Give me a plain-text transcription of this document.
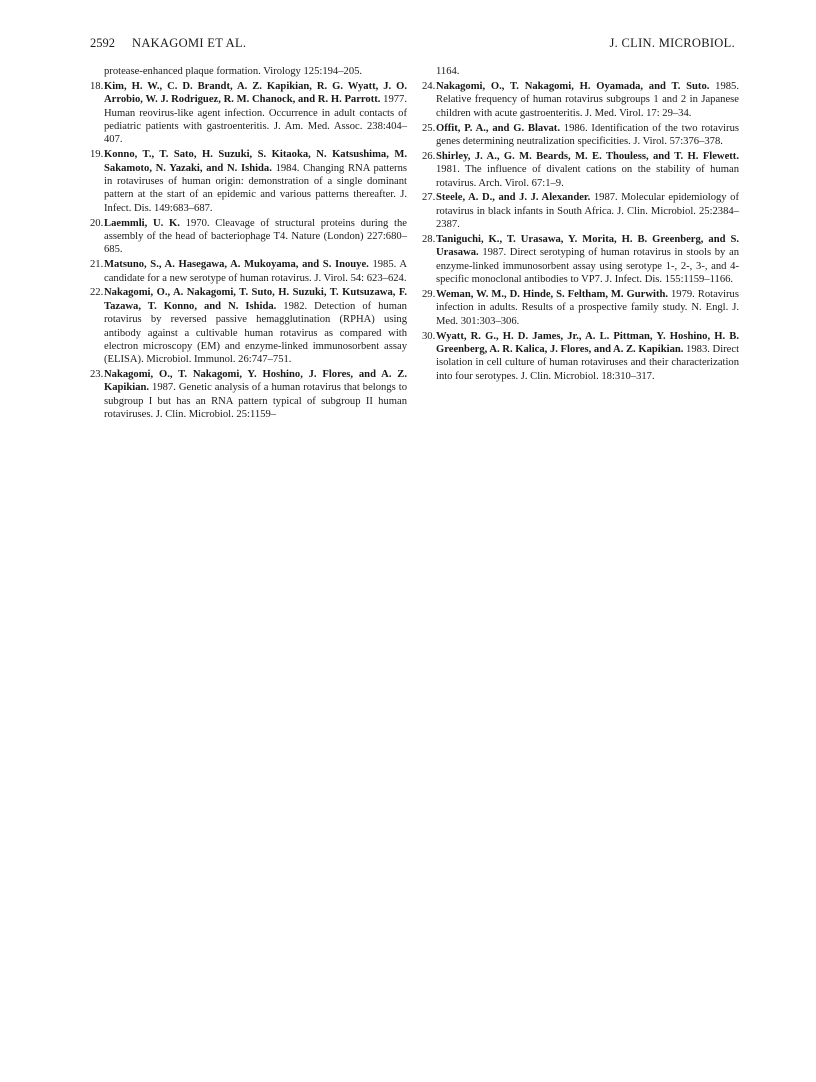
2592 NAKAGOMI ET AL.	J. CLIN. MICROBIOL.
protease-enhanced plaque formation. Virology 125:194–205.
18.Kim, H. W., C. D. Brandt, A. Z. Kapikian, R. G. Wyatt, J. O. Arrobio, W. J. Rodriguez, R. M. Chanock, and R. H. Parrott. 1977. Human reovirus-like agent infection. Occurrence in adult contacts of pediatric patients with gastroenteritis. J. Am. Med. Assoc. 238:404–407.
19.Konno, T., T. Sato, H. Suzuki, S. Kitaoka, N. Katsushima, M. Sakamoto, N. Yazaki, and N. Ishida. 1984. Changing RNA patterns in rotaviruses of human origin: demonstration of a single dominant pattern at the start of an epidemic and various patterns thereafter. J. Infect. Dis. 149:683–687.
20.Laemmli, U. K. 1970. Cleavage of structural proteins during the assembly of the head of bacteriophage T4. Nature (London) 227:680–685.
21.Matsuno, S., A. Hasegawa, A. Mukoyama, and S. Inouye. 1985. A candidate for a new serotype of human rotavirus. J. Virol. 54: 623–624.
22.Nakagomi, O., A. Nakagomi, T. Suto, H. Suzuki, T. Kutsuzawa, F. Tazawa, T. Konno, and N. Ishida. 1982. Detection of human rotavirus by reversed passive hemagglutination (RPHA) using antibody against a cultivable human rotavirus as compared with electron microscopy (EM) and enzyme-linked immunosorbent assay (ELISA). Microbiol. Immunol. 26:747–751.
23.Nakagomi, O., T. Nakagomi, Y. Hoshino, J. Flores, and A. Z. Kapikian. 1987. Genetic analysis of a human rotavirus that belongs to subgroup I but has an RNA pattern typical of subgroup II human rotaviruses. J. Clin. Microbiol. 25:1159–
1164.
24.Nakagomi, O., T. Nakagomi, H. Oyamada, and T. Suto. 1985. Relative frequency of human rotavirus subgroups 1 and 2 in Japanese children with acute gastroenteritis. J. Med. Virol. 17: 29–34.
25.Offit, P. A., and G. Blavat. 1986. Identification of the two rotavirus genes determining neutralization specificities. J. Virol. 57:376–378.
26.Shirley, J. A., G. M. Beards, M. E. Thouless, and T. H. Flewett. 1981. The influence of divalent cations on the stability of human rotavirus. Arch. Virol. 67:1–9.
27.Steele, A. D., and J. J. Alexander. 1987. Molecular epidemiology of rotavirus in black infants in South Africa. J. Clin. Microbiol. 25:2384–2387.
28.Taniguchi, K., T. Urasawa, Y. Morita, H. B. Greenberg, and S. Urasawa. 1987. Direct serotyping of human rotavirus in stools by an enzyme-linked immunosorbent assay using serotype 1-, 2-, 3-, and 4-specific monoclonal antibodies to VP7. J. Infect. Dis. 155:1159–1166.
29.Weman, W. M., D. Hinde, S. Feltham, M. Gurwith. 1979. Rotavirus infection in adults. Results of a prospective family study. N. Engl. J. Med. 301:303–306.
30.Wyatt, R. G., H. D. James, Jr., A. L. Pittman, Y. Hoshino, H. B. Greenberg, A. R. Kalica, J. Flores, and A. Z. Kapikian. 1983. Direct isolation in cell culture of human rotaviruses and their characterization into four serotypes. J. Clin. Microbiol. 18:310–317.
